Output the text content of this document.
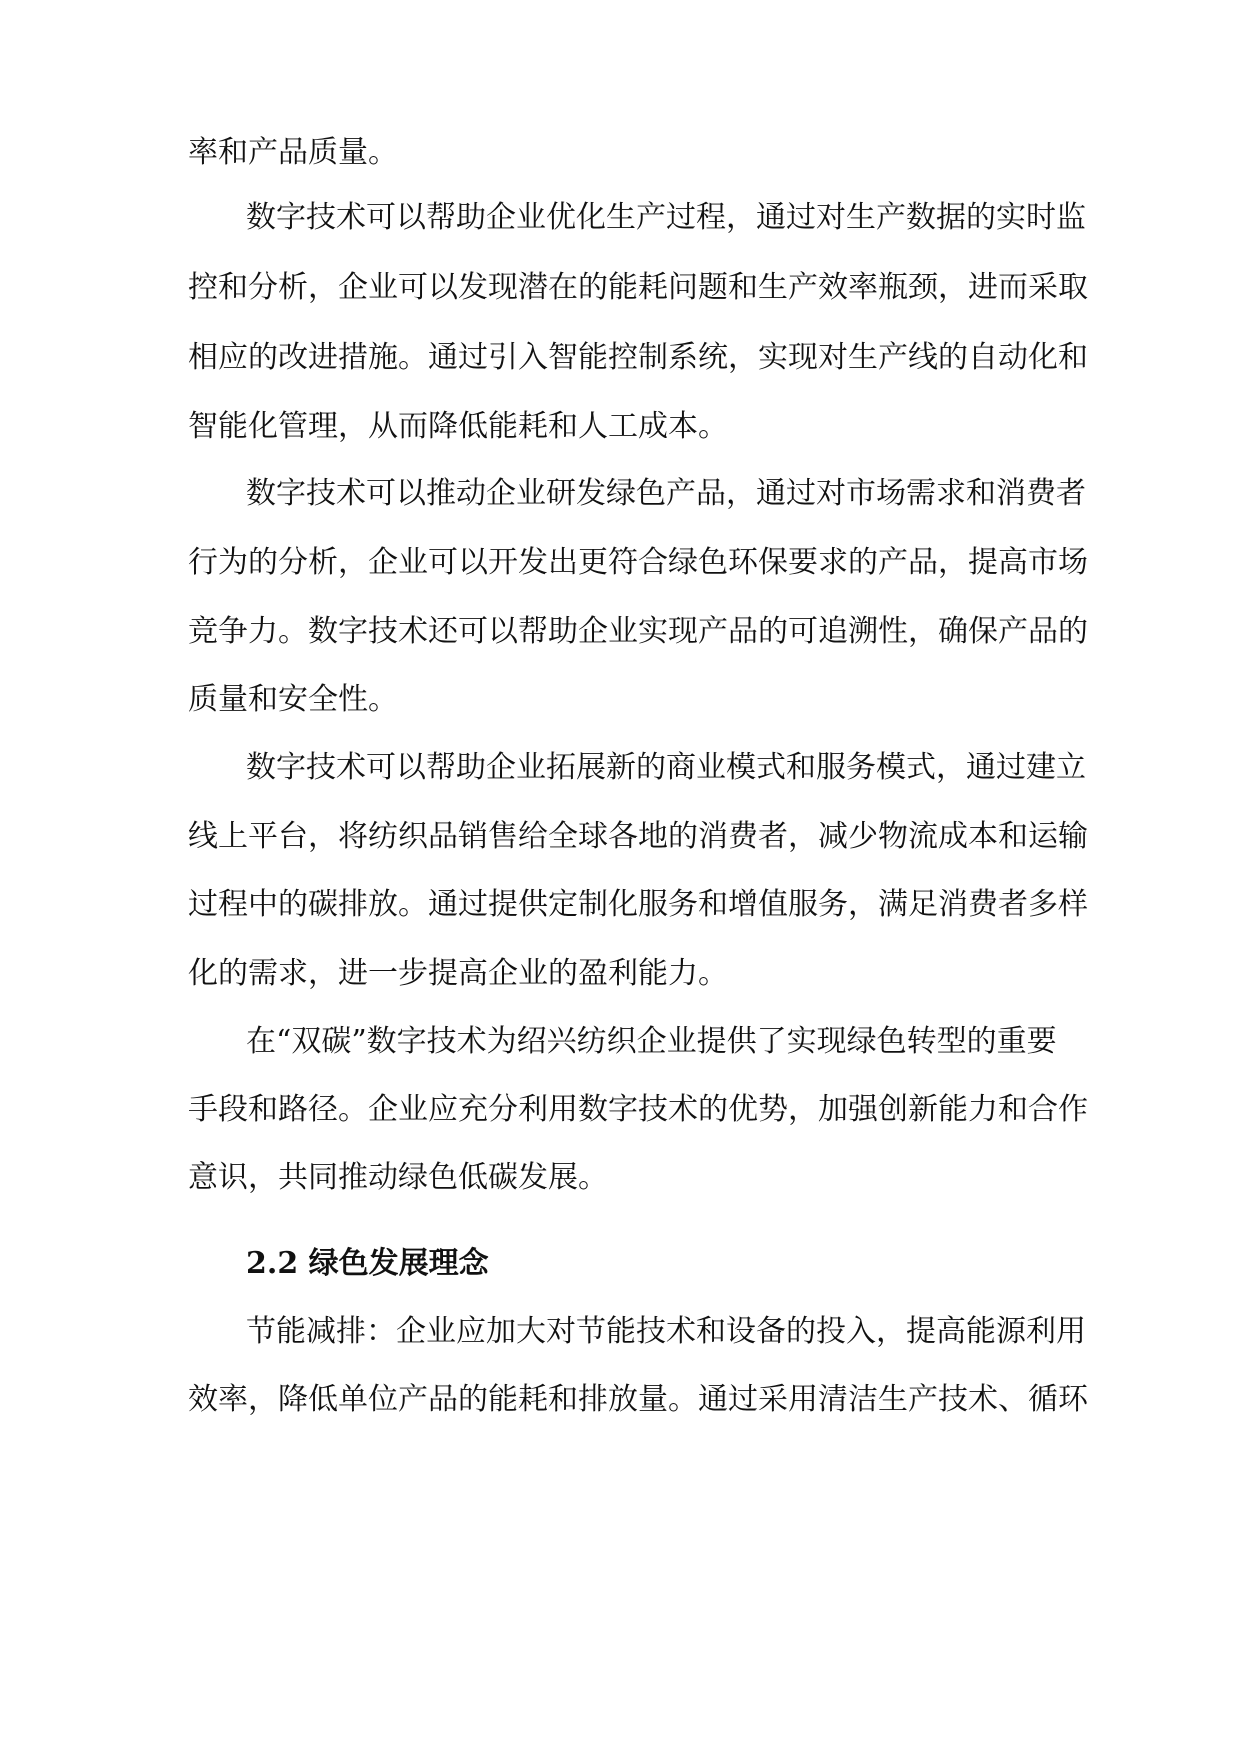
率和产品质量。
数字技术可以帮助企业优化生产过程，通过对生产数据的实时监
控和分析，企业可以发现潜在的能耗问题和生产效率瓶颈，进而采取
相应的改进措施。通过引入智能控制系统，实现对生产线的自动化和
智能化管理，从而降低能耗和人工成本。
数字技术可以推动企业研发绿色产品，通过对市场需求和消费者
行为的分析，企业可以开发出更符合绿色环保要求的产品，提高市场
竞争力。数字技术还可以帮助企业实现产品的可追溯性，确保产品的
质量和安全性。
数字技术可以帮助企业拓展新的商业模式和服务模式，通过建立
线上平台，将纺织品销售给全球各地的消费者，减少物流成本和运输
过程中的碳排放。通过提供定制化服务和增值服务，满足消费者多样
化的需求，进一步提高企业的盈利能力。
在“双碳”数字技术为绍兴纺织企业提供了实现绿色转型的重要
手段和路径。企业应充分利用数字技术的优势，加强创新能力和合作
意识，共同推动绿色低碳发展。
2.2 绿色发展理念
节能减排：企业应加大对节能技术和设备的投入，提高能源利用
效率，降低单位产品的能耗和排放量。通过采用清洁生产技术、循环
